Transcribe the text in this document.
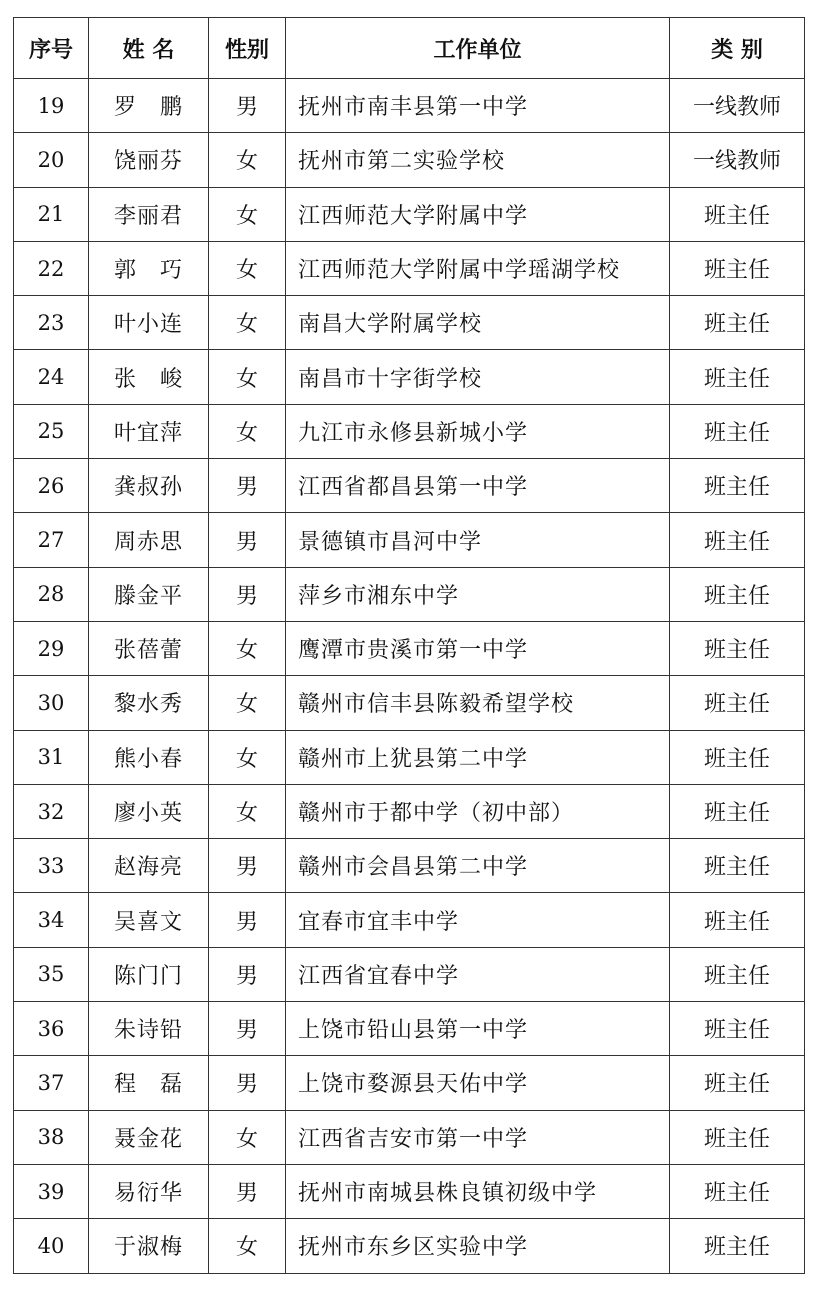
序号	姓 名	性别	工作单位	类 别
19	罗　鹏	男	抚州市南丰县第一中学	一线教师
20	饶丽芬	女	抚州市第二实验学校	一线教师
21	李丽君	女	江西师范大学附属中学	班主任
22	郭　巧	女	江西师范大学附属中学瑶湖学校	班主任
23	叶小连	女	南昌大学附属学校	班主任
24	张　峻	女	南昌市十字街学校	班主任
25	叶宜萍	女	九江市永修县新城小学	班主任
26	龚叔孙	男	江西省都昌县第一中学	班主任
27	周赤思	男	景德镇市昌河中学	班主任
28	滕金平	男	萍乡市湘东中学	班主任
29	张蓓蕾	女	鹰潭市贵溪市第一中学	班主任
30	黎水秀	女	赣州市信丰县陈毅希望学校	班主任
31	熊小春	女	赣州市上犹县第二中学	班主任
32	廖小英	女	赣州市于都中学（初中部）	班主任
33	赵海亮	男	赣州市会昌县第二中学	班主任
34	吴喜文	男	宜春市宜丰中学	班主任
35	陈门门	男	江西省宜春中学	班主任
36	朱诗铅	男	上饶市铅山县第一中学	班主任
37	程　磊	男	上饶市婺源县天佑中学	班主任
38	聂金花	女	江西省吉安市第一中学	班主任
39	易衍华	男	抚州市南城县株良镇初级中学	班主任
40	于淑梅	女	抚州市东乡区实验中学	班主任
